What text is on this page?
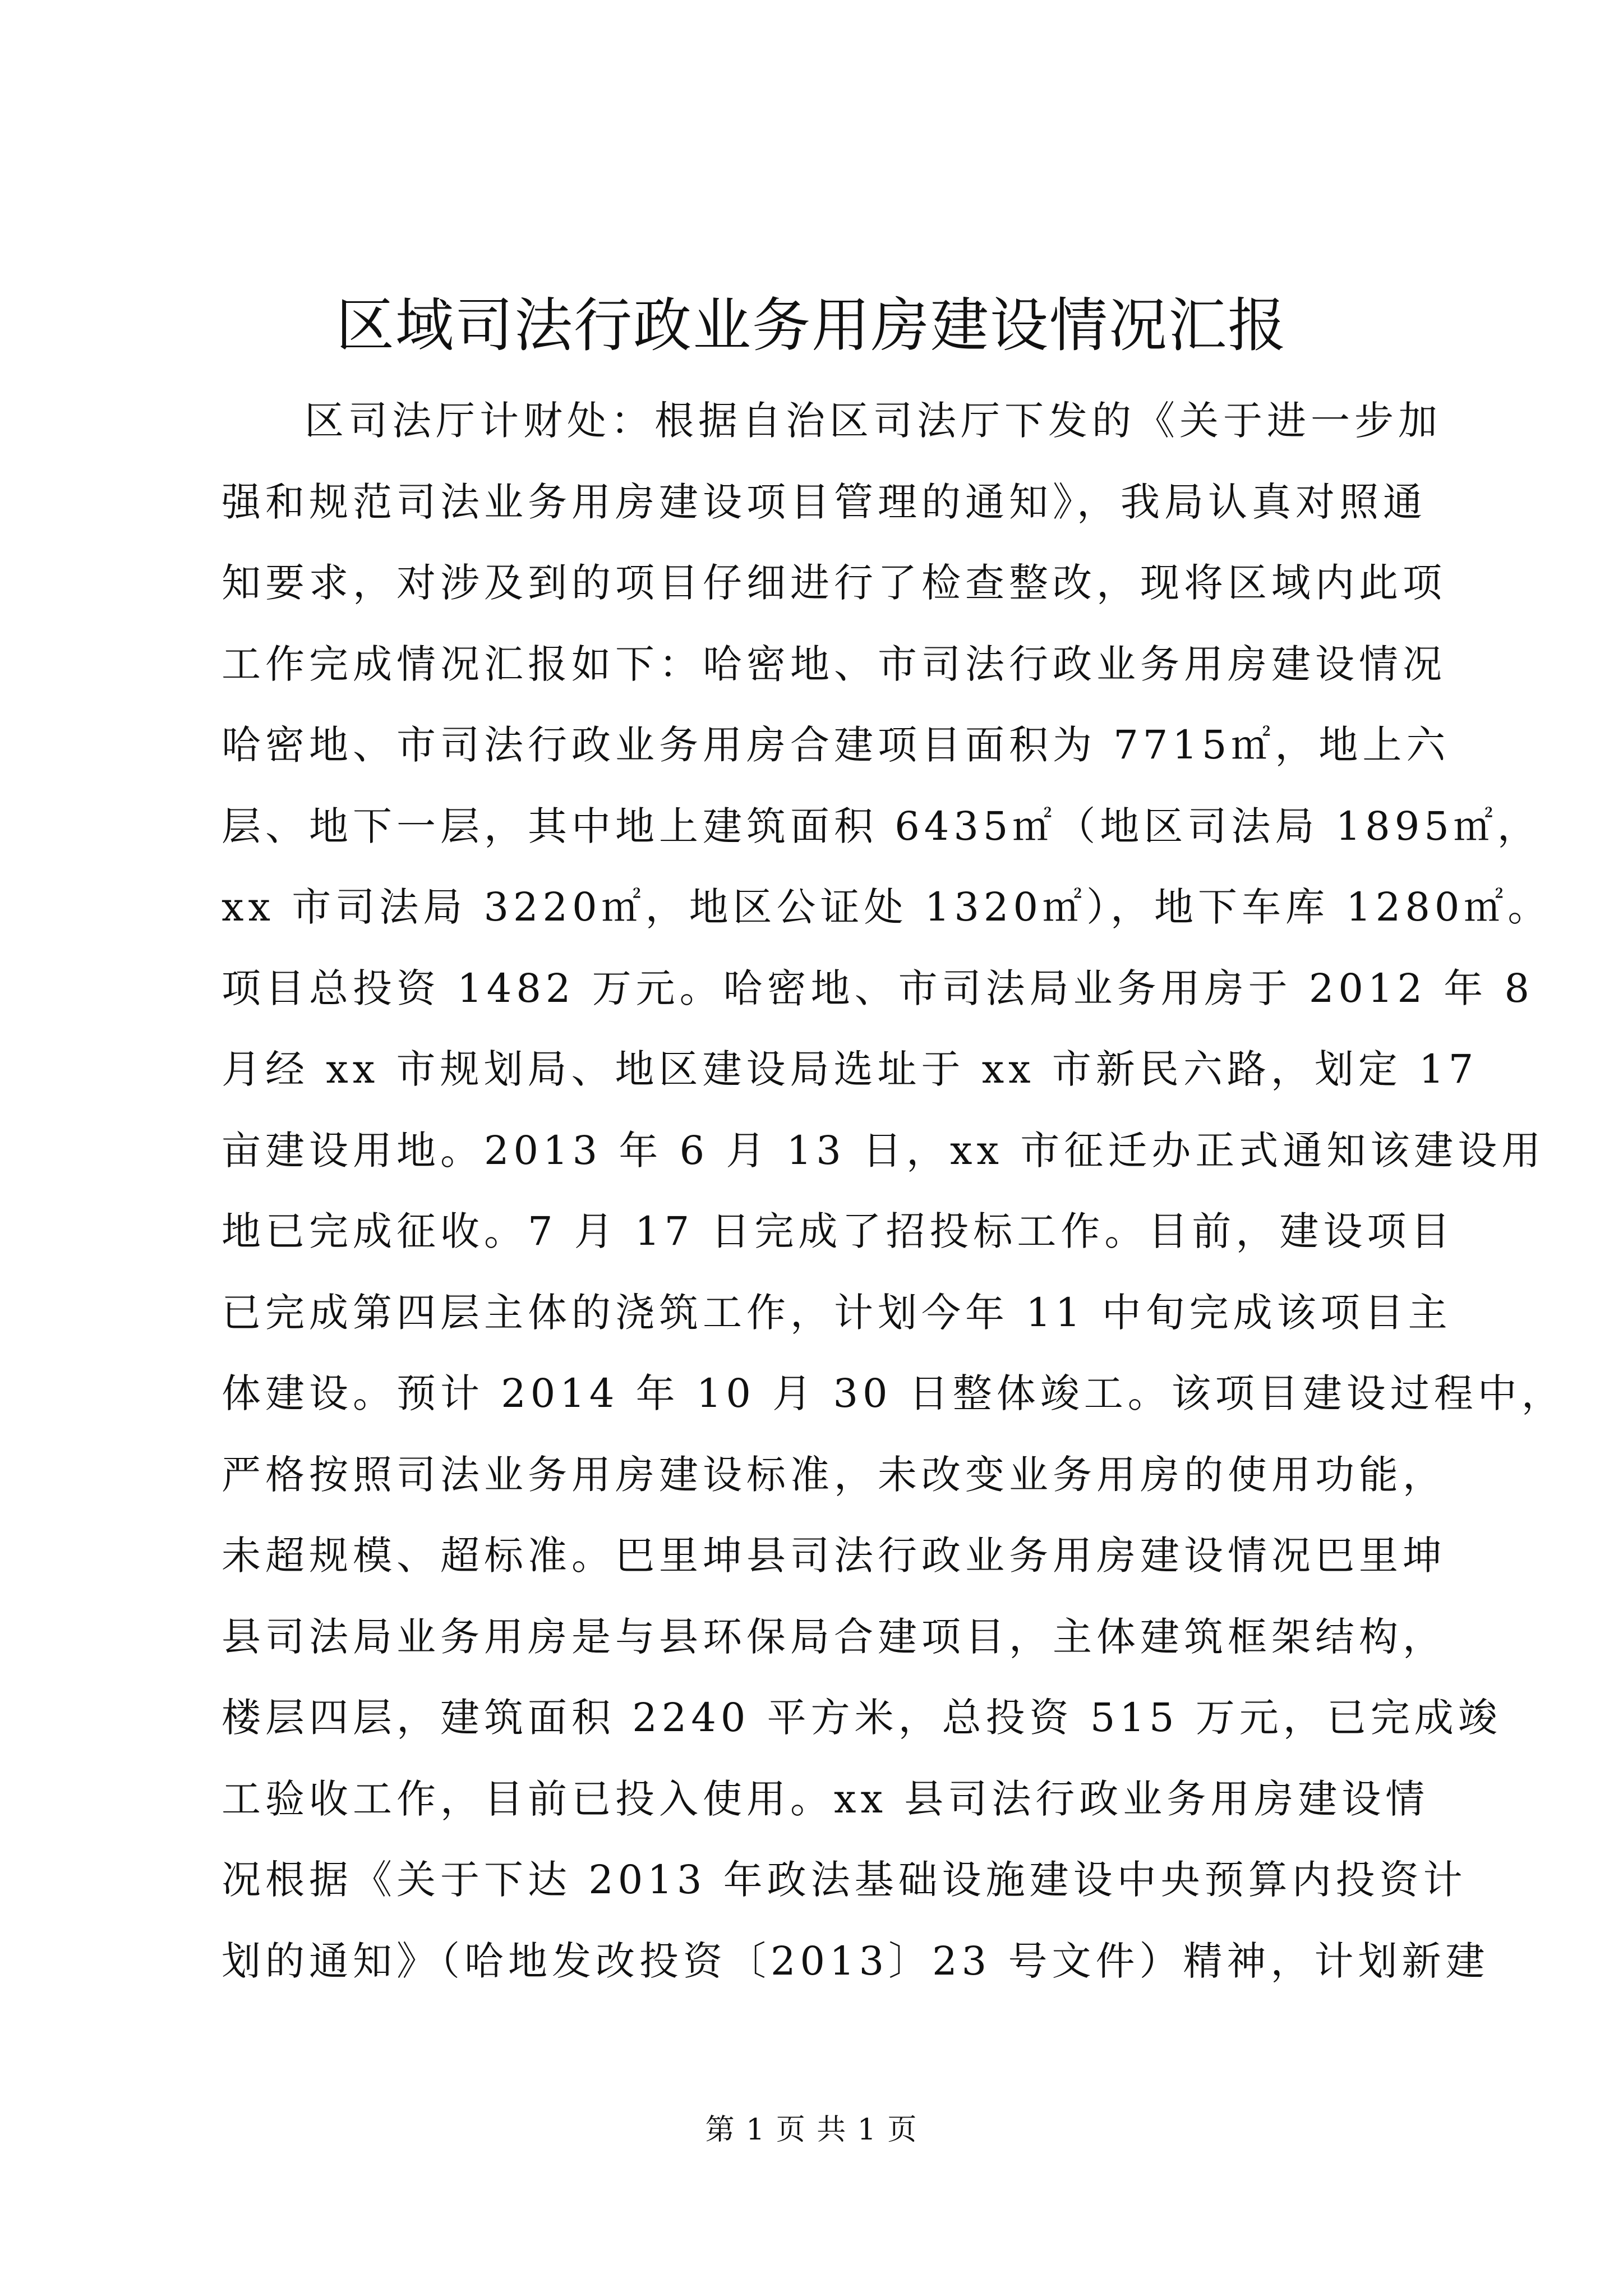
区域司法行政业务用房建设情况汇报
区司法厅计财处：根据自治区司法厅下发的《关于进一步加
强和规范司法业务用房建设项目管理的通知》，我局认真对照通
知要求，对涉及到的项目仔细进行了检查整改，现将区域内此项
工作完成情况汇报如下：哈密地、市司法行政业务用房建设情况
哈密地、市司法行政业务用房合建项目面积为 7715㎡，地上六
层、地下一层，其中地上建筑面积 6435㎡（地区司法局 1895㎡，
xx 市司法局 3220㎡，地区公证处 1320㎡），地下车库 1280㎡。
项目总投资 1482 万元。哈密地、市司法局业务用房于 2012 年 8
月经 xx 市规划局、地区建设局选址于 xx 市新民六路，划定 17
亩建设用地。2013 年 6 月 13 日，xx 市征迁办正式通知该建设用
地已完成征收。7 月 17 日完成了招投标工作。目前，建设项目
已完成第四层主体的浇筑工作，计划今年 11 中旬完成该项目主
体建设。预计 2014 年 10 月 30 日整体竣工。该项目建设过程中，
严格按照司法业务用房建设标准，未改变业务用房的使用功能，
未超规模、超标准。巴里坤县司法行政业务用房建设情况巴里坤
县司法局业务用房是与县环保局合建项目，主体建筑框架结构，
楼层四层，建筑面积 2240 平方米，总投资 515 万元，已完成竣
工验收工作，目前已投入使用。xx 县司法行政业务用房建设情
况根据《关于下达 2013 年政法基础设施建设中央预算内投资计
划的通知》（哈地发改投资〔2013〕23 号文件）精神，计划新建
第 1 页 共 1 页
